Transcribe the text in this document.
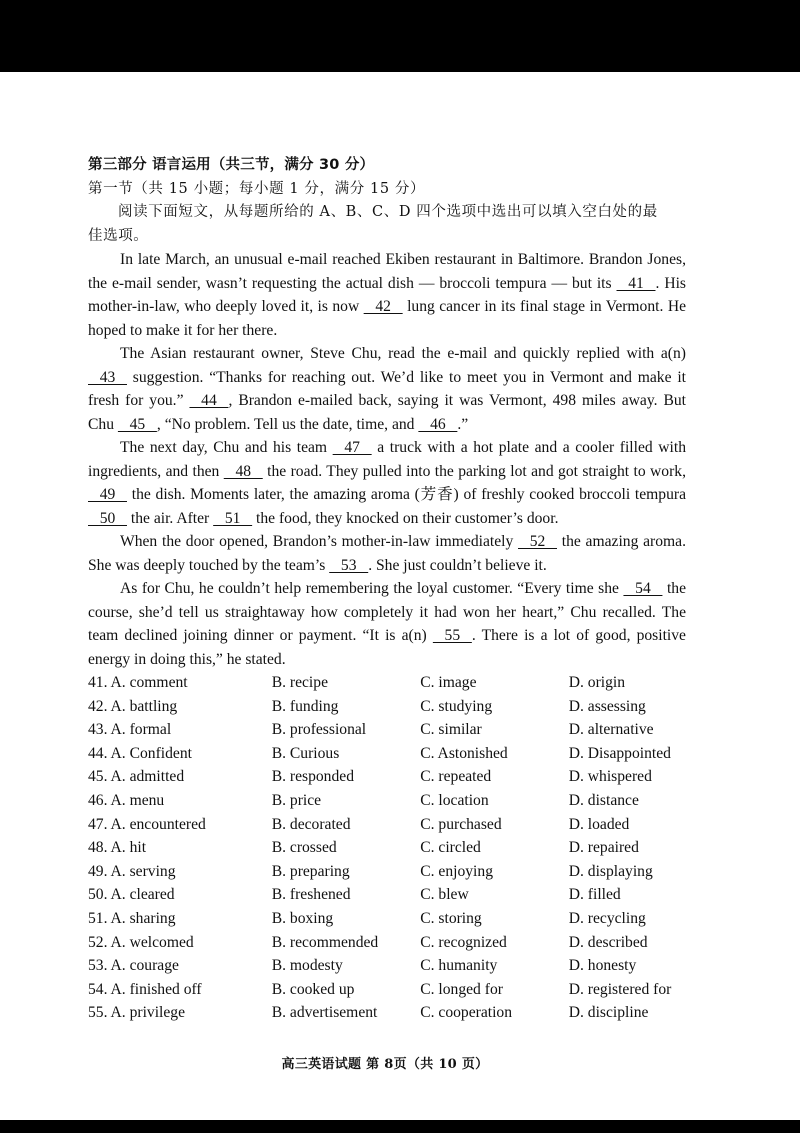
第三部分 语言运用（共三节，满分 30 分）
第一节（共 15 小题；每小题 1 分，满分 15 分）
阅读下面短文，从每题所给的 A、B、C、D 四个选项中选出可以填入空白处的最
佳选项。

In late March, an unusual e-mail reached Ekiben restaurant in Baltimore. Brandon Jones, the e-mail sender, wasn’t requesting the actual dish — broccoli tempura — but its    41   . His mother-in-law, who deeply loved it, is now    42    lung cancer in its final stage in Vermont. He hoped to make it for her there.

The Asian restaurant owner, Steve Chu, read the e-mail and quickly replied with a(n)    43    suggestion. “Thanks for reaching out. We’d like to meet you in Vermont and make it fresh for you.”    44   , Brandon e-mailed back, saying it was Vermont, 498 miles away. But Chu    45   , “No problem. Tell us the date, time, and    46   .”

The next day, Chu and his team    47    a truck with a hot plate and a cooler filled with ingredients, and then    48    the road. They pulled into the parking lot and got straight to work,    49    the dish. Moments later, the amazing aroma (芳香) of freshly cooked broccoli tempura    50    the air. After    51    the food, they knocked on their customer’s door.

When the door opened, Brandon’s mother-in-law immediately    52    the amazing aroma. She was deeply touched by the team’s    53   . She just couldn’t believe it.

As for Chu, he couldn’t help remembering the loyal customer. “Every time she    54    the course, she’d tell us straightaway how completely it had won her heart,” Chu recalled. The team declined joining dinner or payment. “It is a(n)    55   . There is a lot of good, positive energy in doing this,” he stated.

41. A. comment	B. recipe	C. image	D. origin
42. A. battling	B. funding	C. studying	D. assessing
43. A. formal	B. professional	C. similar	D. alternative
44. A. Confident	B. Curious	C. Astonished	D. Disappointed
45. A. admitted	B. responded	C. repeated	D. whispered
46. A. menu	B. price	C. location	D. distance
47. A. encountered	B. decorated	C. purchased	D. loaded
48. A. hit	B. crossed	C. circled	D. repaired
49. A. serving	B. preparing	C. enjoying	D. displaying
50. A. cleared	B. freshened	C. blew	D. filled
51. A. sharing	B. boxing	C. storing	D. recycling
52. A. welcomed	B. recommended	C. recognized	D. described
53. A. courage	B. modesty	C. humanity	D. honesty
54. A. finished off	B. cooked up	C. longed for	D. registered for
55. A. privilege	B. advertisement	C. cooperation	D. discipline
高三英语试题 第 8页（共 10 页）
